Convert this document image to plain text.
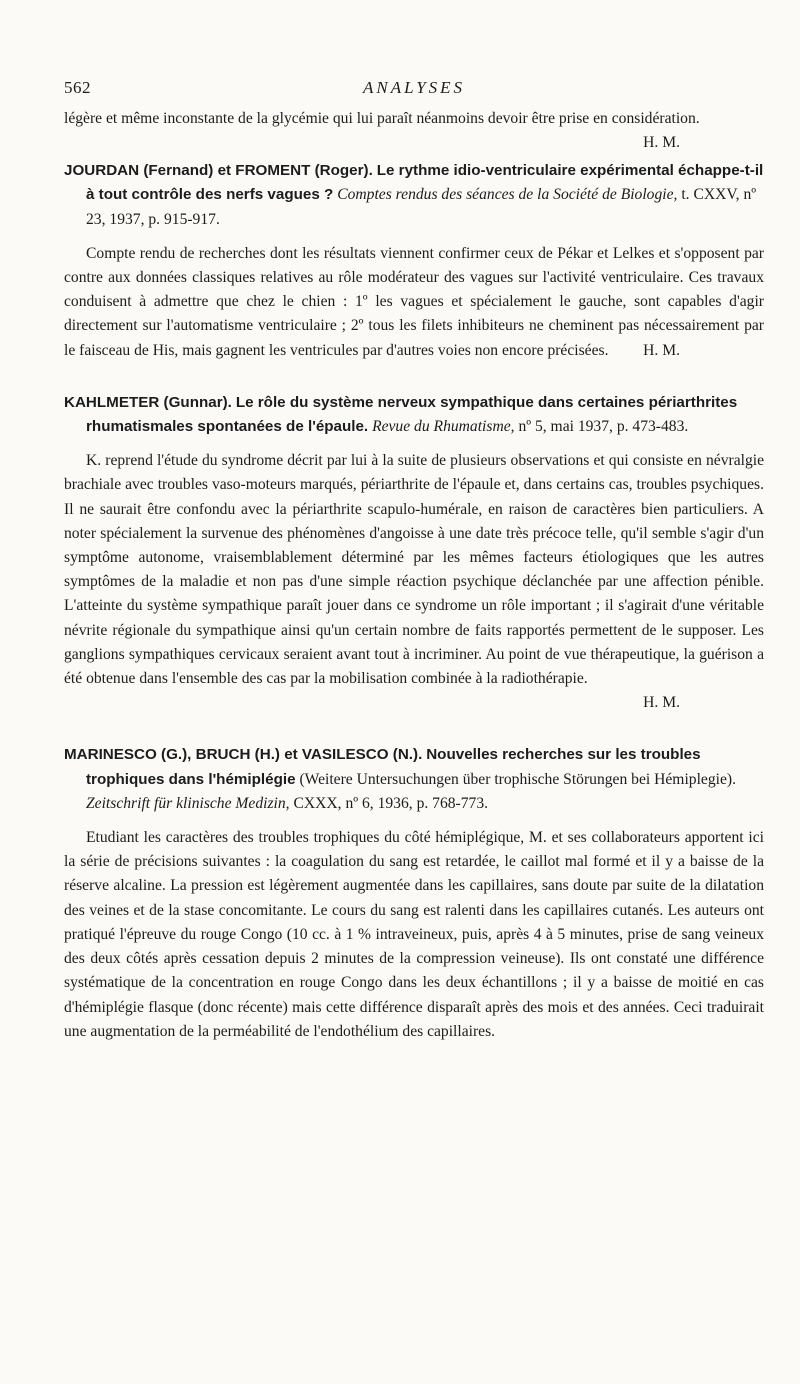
562	ANALYSES

légère et même inconstante de la glycémie qui lui paraît néanmoins devoir être prise en considération.
H. M.

JOURDAN (Fernand) et FROMENT (Roger). Le rythme idio-ventriculaire expérimental échappe-t-il à tout contrôle des nerfs vagues ? Comptes rendus des séances de la Société de Biologie, t. CXXV, nº 23, 1937, p. 915-917.

Compte rendu de recherches dont les résultats viennent confirmer ceux de Pékar et Lelkes et s'opposent par contre aux données classiques relatives au rôle modérateur des vagues sur l'activité ventriculaire. Ces travaux conduisent à admettre que chez le chien : 1º les vagues et spécialement le gauche, sont capables d'agir directement sur l'automatisme ventriculaire ; 2º tous les filets inhibiteurs ne cheminent pas nécessairement par le faisceau de His, mais gagnent les ventricules par d'autres voies non encore précisées.	H. M.

KAHLMETER (Gunnar). Le rôle du système nerveux sympathique dans certaines périarthrites rhumatismales spontanées de l'épaule. Revue du Rhumatisme, nº 5, mai 1937, p. 473-483.

K. reprend l'étude du syndrome décrit par lui à la suite de plusieurs observations et qui consiste en névralgie brachiale avec troubles vaso-moteurs marqués, périarthrite de l'épaule et, dans certains cas, troubles psychiques. Il ne saurait être confondu avec la périarthrite scapulo-humérale, en raison de caractères bien particuliers. A noter spécialement la survenue des phénomènes d'angoisse à une date très précoce telle, qu'il semble s'agir d'un symptôme autonome, vraisemblablement déterminé par les mêmes facteurs étiologiques que les autres symptômes de la maladie et non pas d'une simple réaction psychique déclanchée par une affection pénible. L'atteinte du système sympathique paraît jouer dans ce syndrome un rôle important ; il s'agirait d'une véritable névrite régionale du sympathique ainsi qu'un certain nombre de faits rapportés permettent de le supposer. Les ganglions sympathiques cervicaux seraient avant tout à incriminer. Au point de vue thérapeutique, la guérison a été obtenue dans l'ensemble des cas par la mobilisation combinée à la radiothérapie.

H. M.

MARINESCO (G.), BRUCH (H.) et VASILESCO (N.). Nouvelles recherches sur les troubles trophiques dans l'hémiplégie (Weitere Untersuchungen über trophische Störungen bei Hémiplegie). Zeitschrift für klinische Medizin, CXXX, nº 6, 1936, p. 768-773.

Etudiant les caractères des troubles trophiques du côté hémiplégique, M. et ses collaborateurs apportent ici la série de précisions suivantes : la coagulation du sang est retardée, le caillot mal formé et il y a baisse de la réserve alcaline. La pression est légèrement augmentée dans les capillaires, sans doute par suite de la dilatation des veines et de la stase concomitante. Le cours du sang est ralenti dans les capillaires cutanés. Les auteurs ont pratiqué l'épreuve du rouge Congo (10 cc. à 1 % intraveineux, puis, après 4 à 5 minutes, prise de sang veineux des deux côtés après cessation depuis 2 minutes de la compression veineuse). Ils ont constaté une différence systématique de la concentration en rouge Congo dans les deux échantillons ; il y a baisse de moitié en cas d'hémiplégie flasque (donc récente) mais cette différence disparaît après des mois et des années. Ceci traduirait une augmentation de la perméabilité de l'endothélium des capillaires.
